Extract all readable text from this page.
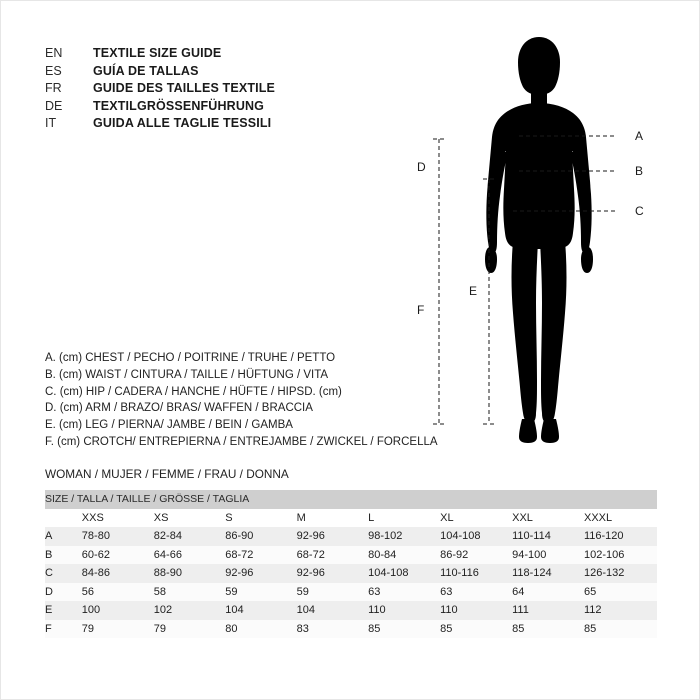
EN	TEXTILE SIZE GUIDE
ES	GUÍA DE TALLAS
FR	GUIDE DES TAILLES TEXTILE
DE	TEXTILGRÖSSENFÜHRUNG
IT	GUIDA ALLE TAGLIE TESSILI
A. (cm) CHEST / PECHO / POITRINE / TRUHE / PETTO
B. (cm) WAIST / CINTURA / TAILLE / HÜFTUNG / VITA
C. (cm) HIP / CADERA / HANCHE / HÜFTE / HIPSD. (cm)
D. (cm) ARM / BRAZO/ BRAS/ WAFFEN / BRACCIA
E. (cm) LEG / PIERNA/ JAMBE / BEIN / GAMBA
F. (cm) CROTCH/ ENTREPIERNA / ENTREJAMBE / ZWICKEL / FORCELLA
WOMAN / MUJER / FEMME / FRAU / DONNA
A
B
C
D
E
F
SIZE / TALLA / TAILLE / GRÖSSE / TAGLIA								
	XXS	XS	S	M	L	XL	XXL	XXXL
A	78-80	82-84	86-90	92-96	98-102	104-108	110-114	116-120
B	60-62	64-66	68-72	68-72	80-84	86-92	94-100	102-106
C	84-86	88-90	92-96	92-96	104-108	110-116	118-124	126-132
D	56	58	59	59	63	63	64	65
E	100	102	104	104	110	110	111	112
F	79	79	80	83	85	85	85	85
